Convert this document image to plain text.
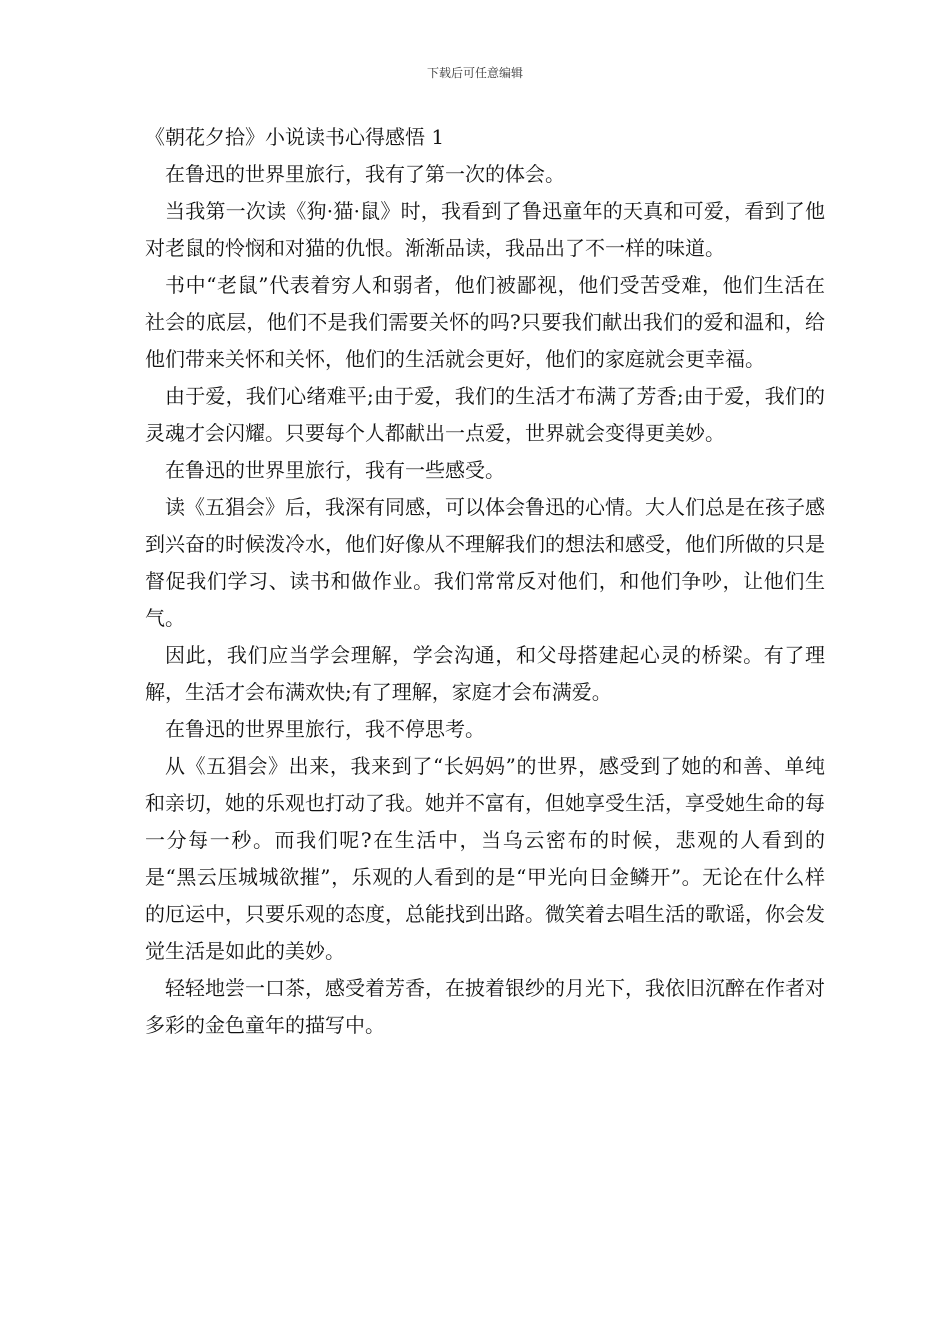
下载后可任意编辑
《朝花夕拾》小说读书心得感悟 1

在鲁迅的世界里旅行，我有了第一次的体会。

当我第一次读《狗·猫·鼠》时，我看到了鲁迅童年的天真和可爱，看到了他对老鼠的怜悯和对猫的仇恨。渐渐品读，我品出了不一样的味道。

书中“老鼠”代表着穷人和弱者，他们被鄙视，他们受苦受难，他们生活在社会的底层，他们不是我们需要关怀的吗?只要我们献出我们的爱和温和，给他们带来关怀和关怀，他们的生活就会更好，他们的家庭就会更幸福。

由于爱，我们心绪难平;由于爱，我们的生活才布满了芳香;由于爱，我们的灵魂才会闪耀。只要每个人都献出一点爱，世界就会变得更美妙。

在鲁迅的世界里旅行，我有一些感受。

读《五猖会》后，我深有同感，可以体会鲁迅的心情。大人们总是在孩子感到兴奋的时候泼冷水，他们好像从不理解我们的想法和感受，他们所做的只是督促我们学习、读书和做作业。我们常常反对他们，和他们争吵，让他们生气。

因此，我们应当学会理解，学会沟通，和父母搭建起心灵的桥梁。有了理解，生活才会布满欢快;有了理解，家庭才会布满爱。

在鲁迅的世界里旅行，我不停思考。

从《五猖会》出来，我来到了“长妈妈”的世界，感受到了她的和善、单纯和亲切，她的乐观也打动了我。她并不富有，但她享受生活，享受她生命的每一分每一秒。而我们呢?在生活中，当乌云密布的时候，悲观的人看到的是“黑云压城城欲摧”，乐观的人看到的是“甲光向日金鳞开”。无论在什么样的厄运中，只要乐观的态度，总能找到出路。微笑着去唱生活的歌谣，你会发觉生活是如此的美妙。

轻轻地尝一口茶，感受着芳香，在披着银纱的月光下，我依旧沉醉在作者对多彩的金色童年的描写中。
